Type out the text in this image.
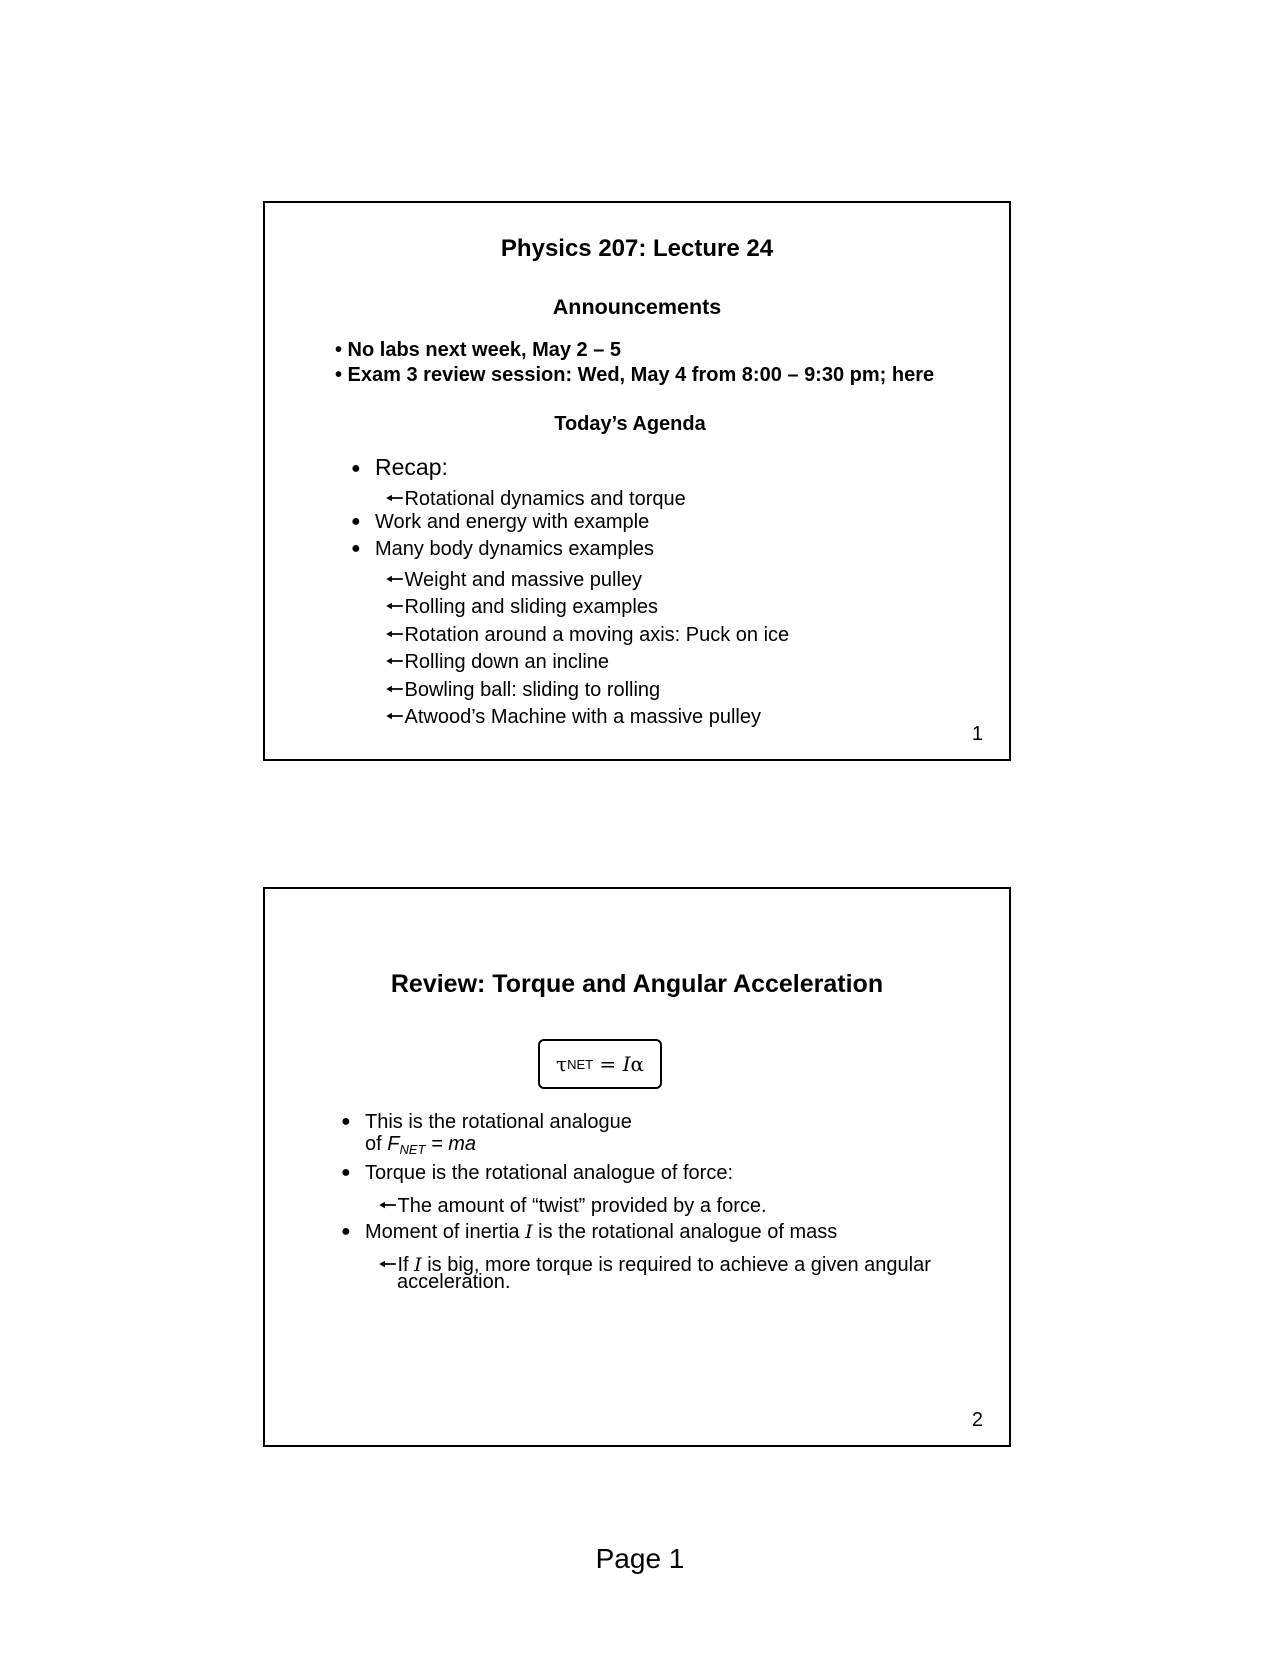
Physics 207: Lecture 24
Announcements
• No labs next week, May 2 – 5
• Exam 3 review session: Wed, May 4 from 8:00 – 9:30 pm; here
Today’s Agenda
● Recap:
🠐Rotational dynamics and torque
● Work and energy with example
● Many body dynamics examples
🠐Weight and massive pulley
🠐Rolling and sliding examples
🠐Rotation around a moving axis: Puck on ice
🠐Rolling down an incline
🠐Bowling ball: sliding to rolling
🠐Atwood’s Machine with a massive pulley
1
Review: Torque and Angular Acceleration
τ NET = I α
● This is the rotational analogue
of $F_{NET}$ = ma
● Torque is the rotational analogue of force:
🠐The amount of “twist” provided by a force.
● Moment of inertia I is the rotational analogue of mass
🠐If I is big, more torque is required to achieve a given angular
acceleration.
2
Page 1
